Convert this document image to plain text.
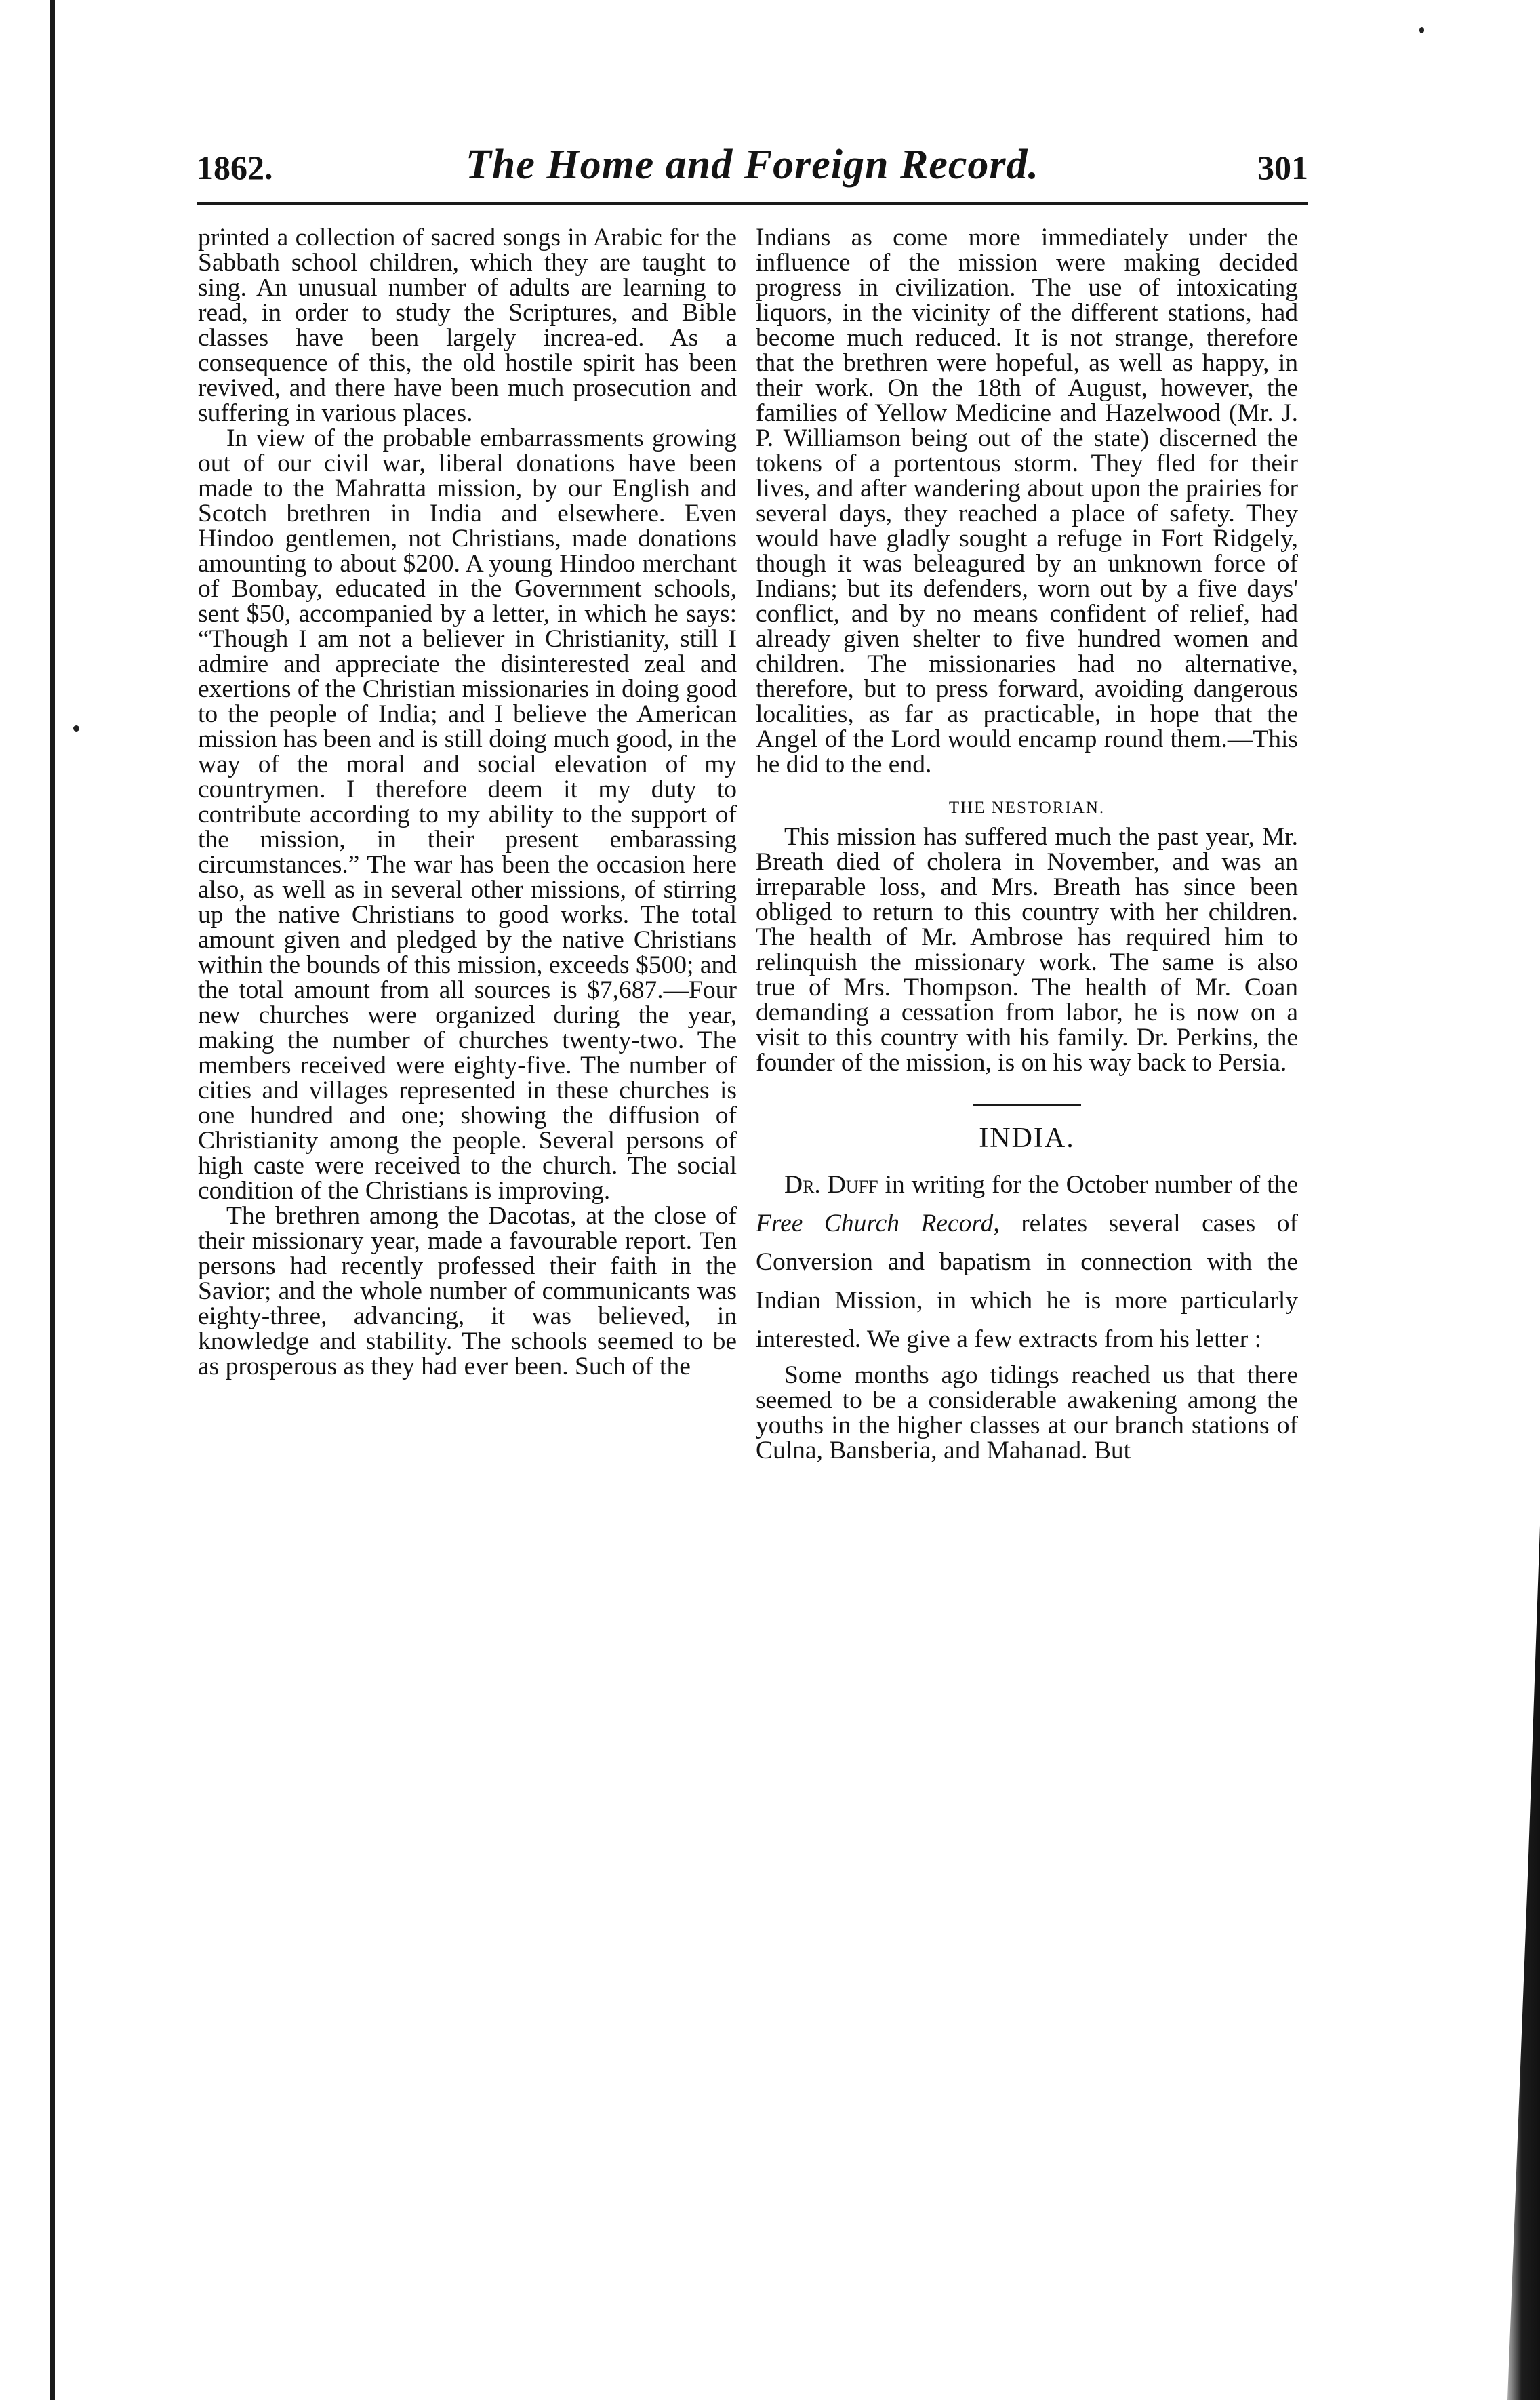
1862.	The Home and Foreign Record.	301

printed a collection of sacred songs in Arabic for the Sabbath school children, which they are taught to sing. An unusual number of adults are learning to read, in order to study the Scriptures, and Bible classes have been largely increa-ed. As a consequence of this, the old hostile spirit has been revived, and there have been much prosecution and suffering in various places.

In view of the probable embarrassments growing out of our civil war, liberal donations have been made to the Mahratta mission, by our English and Scotch brethren in India and elsewhere. Even Hindoo gentlemen, not Christians, made donations amounting to about $200. A young Hindoo merchant of Bombay, educated in the Government schools, sent $50, accompanied by a letter, in which he says: “Though I am not a believer in Christianity, still I admire and appreciate the disinterested zeal and exertions of the Christian missionaries in doing good to the people of India; and I believe the American mission has been and is still doing much good, in the way of the moral and social elevation of my countrymen. I therefore deem it my duty to contribute according to my ability to the support of the mission, in their present embarassing circumstances.” The war has been the occasion here also, as well as in several other missions, of stirring up the native Christians to good works. The total amount given and pledged by the native Christians within the bounds of this mission, exceeds $500; and the total amount from all sources is $7,687.—Four new churches were organized during the year, making the number of churches twenty-two. The members received were eighty-five. The number of cities and villages represented in these churches is one hundred and one; showing the diffusion of Christianity among the people. Several persons of high caste were received to the church. The social condition of the Christians is improving.

The brethren among the Dacotas, at the close of their missionary year, made a favourable report. Ten persons had recently professed their faith in the Savior; and the whole number of communicants was eighty-three, advancing, it was believed, in knowledge and stability. The schools seemed to be as prosperous as they had ever been. Such of the

Indians as come more immediately under the influence of the mission were making decided progress in civilization. The use of intoxicating liquors, in the vicinity of the different stations, had become much reduced. It is not strange, therefore that the brethren were hopeful, as well as happy, in their work. On the 18th of August, however, the families of Yellow Medicine and Hazelwood (Mr. J. P. Williamson being out of the state) discerned the tokens of a portentous storm. They fled for their lives, and after wandering about upon the prairies for several days, they reached a place of safety. They would have gladly sought a refuge in Fort Ridgely, though it was beleagured by an unknown force of Indians; but its defenders, worn out by a five days' conflict, and by no means confident of relief, had already given shelter to five hundred women and children. The missionaries had no alternative, therefore, but to press forward, avoiding dangerous localities, as far as practicable, in hope that the Angel of the Lord would encamp round them.—This he did to the end.

THE NESTORIAN.

This mission has suffered much the past year, Mr. Breath died of cholera in November, and was an irreparable loss, and Mrs. Breath has since been obliged to return to this country with her children. The health of Mr. Ambrose has required him to relinquish the missionary work. The same is also true of Mrs. Thompson. The health of Mr. Coan demanding a cessation from labor, he is now on a visit to this country with his family. Dr. Perkins, the founder of the mission, is on his way back to Persia.

INDIA.

Dr. Duff in writing for the October number of the Free Church Record, relates several cases of Conversion and bapatism in connection with the Indian Mission, in which he is more particularly interested. We give a few extracts from his letter :

Some months ago tidings reached us that there seemed to be a considerable awakening among the youths in the higher classes at our branch stations of Culna, Bansberia, and Mahanad. But
